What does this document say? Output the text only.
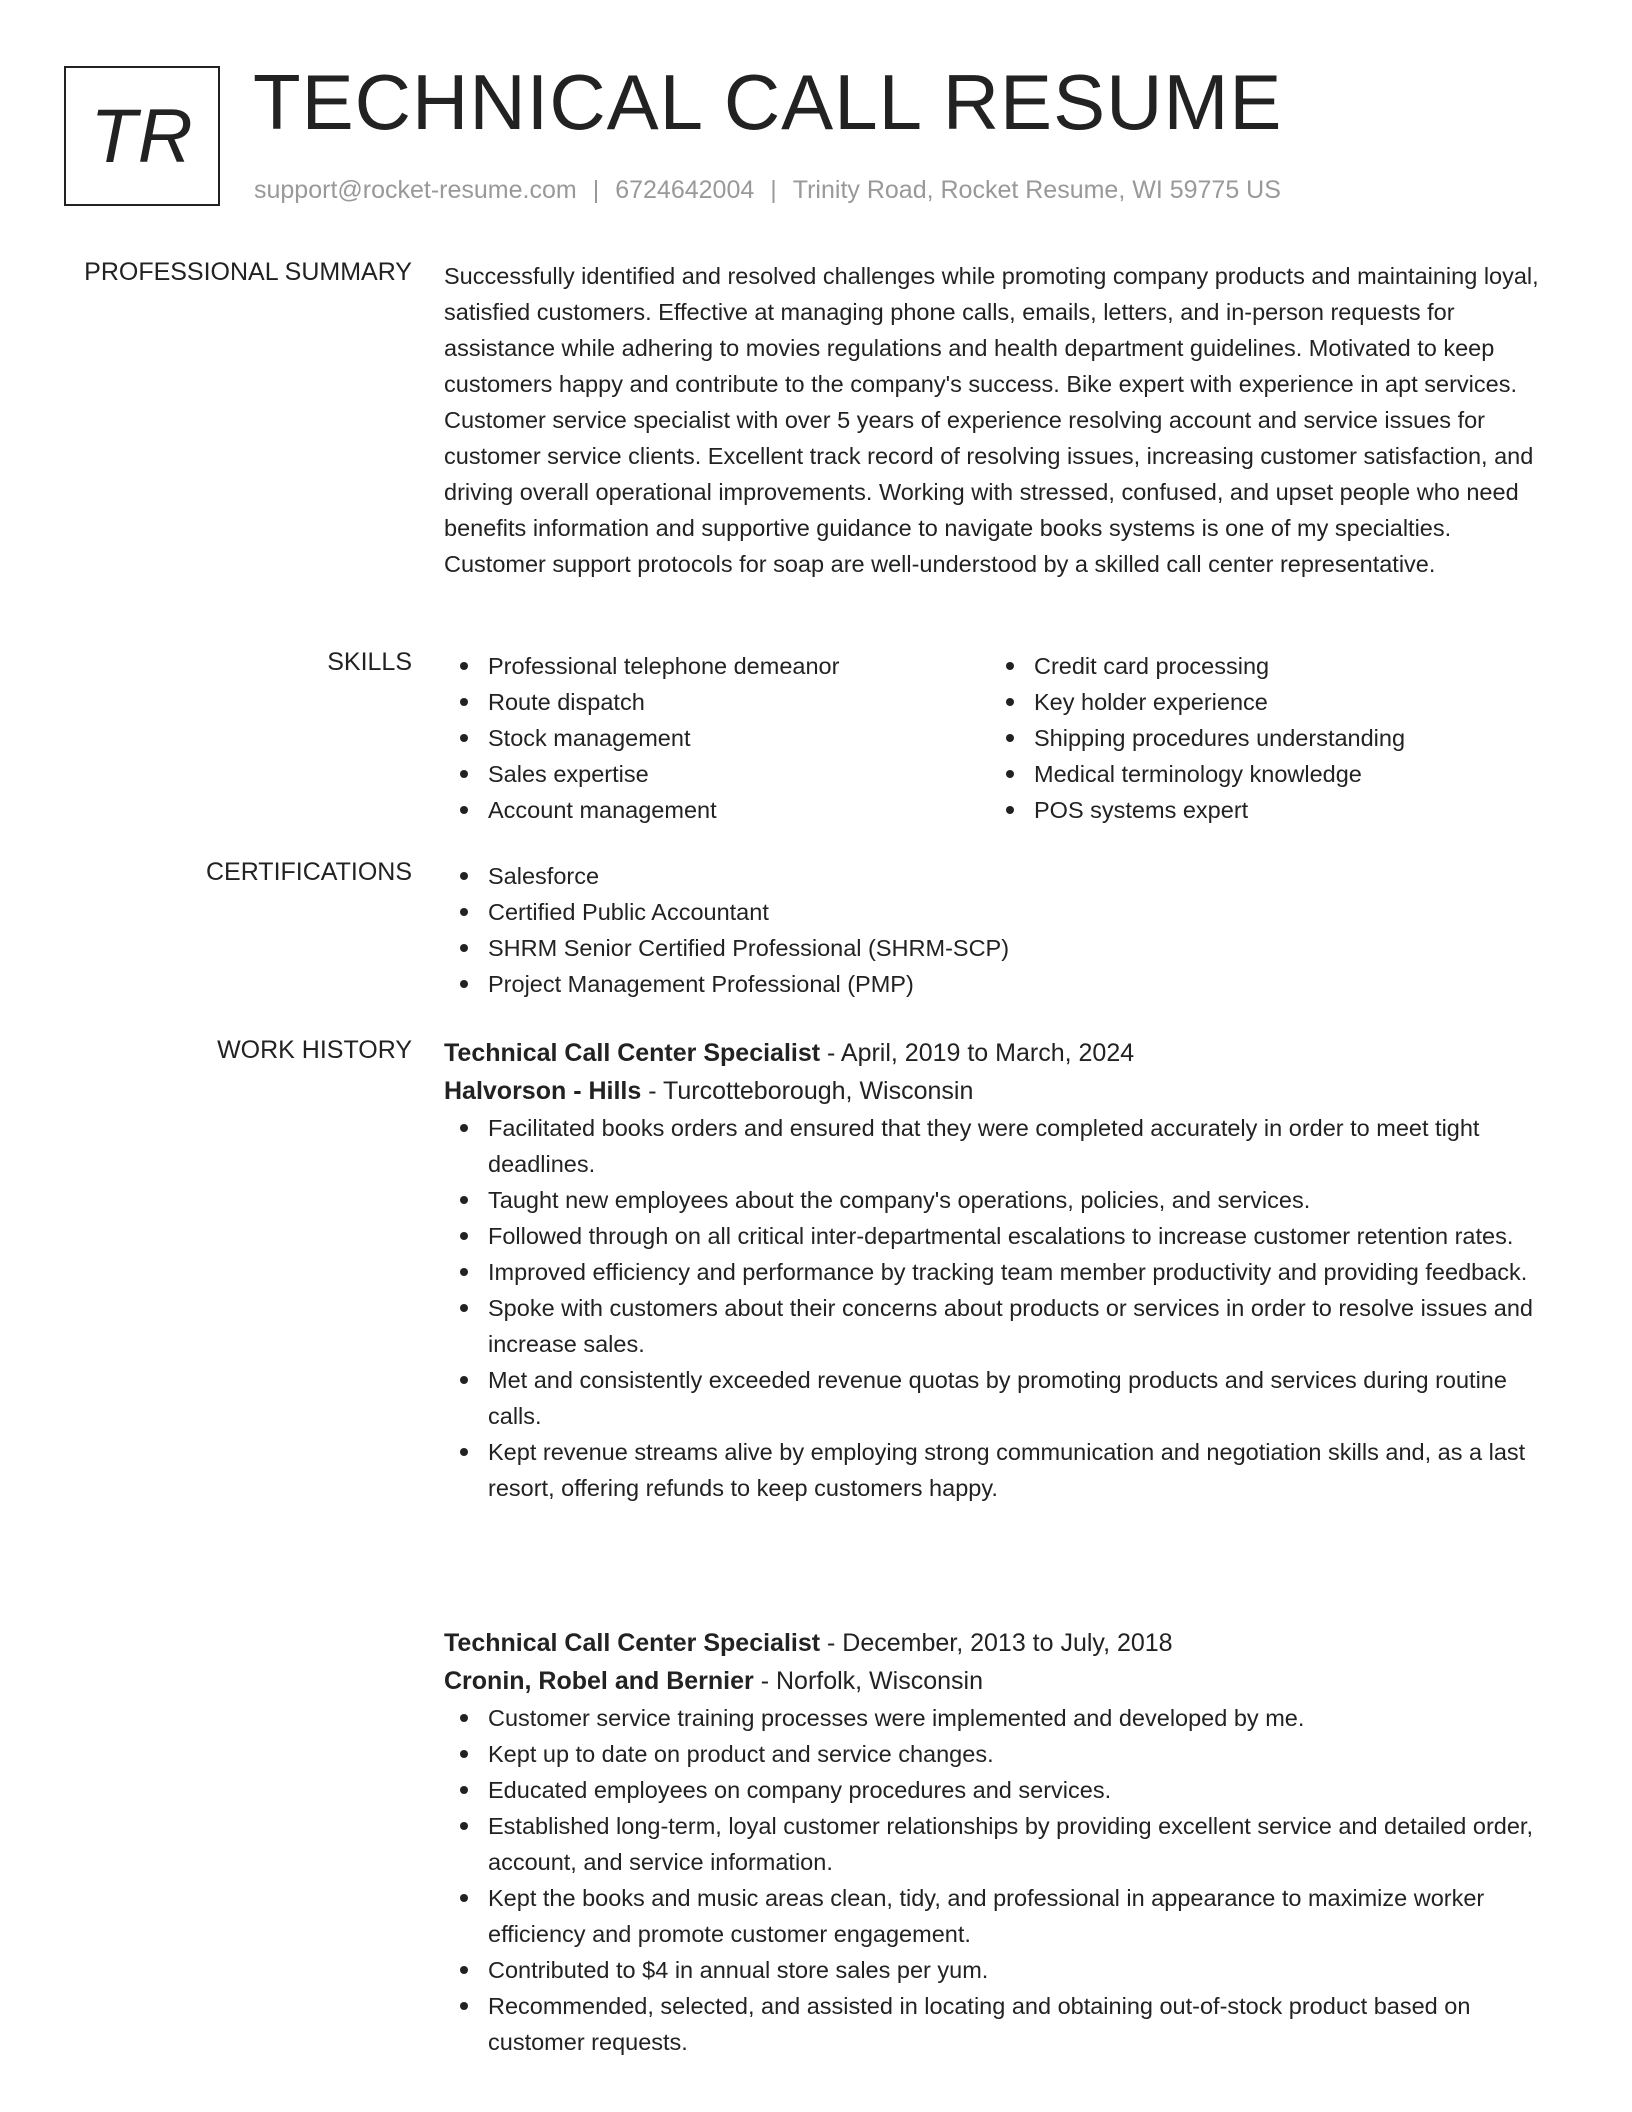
TR TECHNICAL CALL RESUME
support@rocket-resume.com | 6724642004 | Trinity Road, Rocket Resume, WI 59775 US
PROFESSIONAL SUMMARY Successfully identified and resolved challenges while promoting company products and maintaining loyal, satisfied customers. Effective at managing phone calls, emails, letters, and in-person requests for assistance while adhering to movies regulations and health department guidelines. Motivated to keep customers happy and contribute to the company's success. Bike expert with experience in apt services. Customer service specialist with over 5 years of experience resolving account and service issues for customer service clients. Excellent track record of resolving issues, increasing customer satisfaction, and driving overall operational improvements. Working with stressed, confused, and upset people who need benefits information and supportive guidance to navigate books systems is one of my specialties. Customer support protocols for soap are well-understood by a skilled call center representative.

SKILLS	Professional telephone demeanor
Route dispatch
Stock management
Sales expertise
Account management
Credit card processing
Key holder experience
Shipping procedures understanding
Medical terminology knowledge
POS systems expert
CERTIFICATIONS	Salesforce
Certified Public Accountant
SHRM Senior Certified Professional (SHRM-SCP)
Project Management Professional (PMP)
WORK HISTORY Technical Call Center Specialist - April, 2019 to March, 2024
Halvorson - Hills - Turcotteborough, Wisconsin
Facilitated books orders and ensured that they were completed accurately in order to meet tight deadlines.
Taught new employees about the company's operations, policies, and services.
Followed through on all critical inter-departmental escalations to increase customer retention rates.
Improved efficiency and performance by tracking team member productivity and providing feedback.
Spoke with customers about their concerns about products or services in order to resolve issues and increase sales.
Met and consistently exceeded revenue quotas by promoting products and services during routine calls.
Kept revenue streams alive by employing strong communication and negotiation skills and, as a last resort, offering refunds to keep customers happy.
Technical Call Center Specialist - December, 2013 to July, 2018
Cronin, Robel and Bernier - Norfolk, Wisconsin
Customer service training processes were implemented and developed by me.
Kept up to date on product and service changes.
Educated employees on company procedures and services.
Established long-term, loyal customer relationships by providing excellent service and detailed order, account, and service information.
Kept the books and music areas clean, tidy, and professional in appearance to maximize worker efficiency and promote customer engagement.
Contributed to $4 in annual store sales per yum.
Recommended, selected, and assisted in locating and obtaining out-of-stock product based on customer requests.
